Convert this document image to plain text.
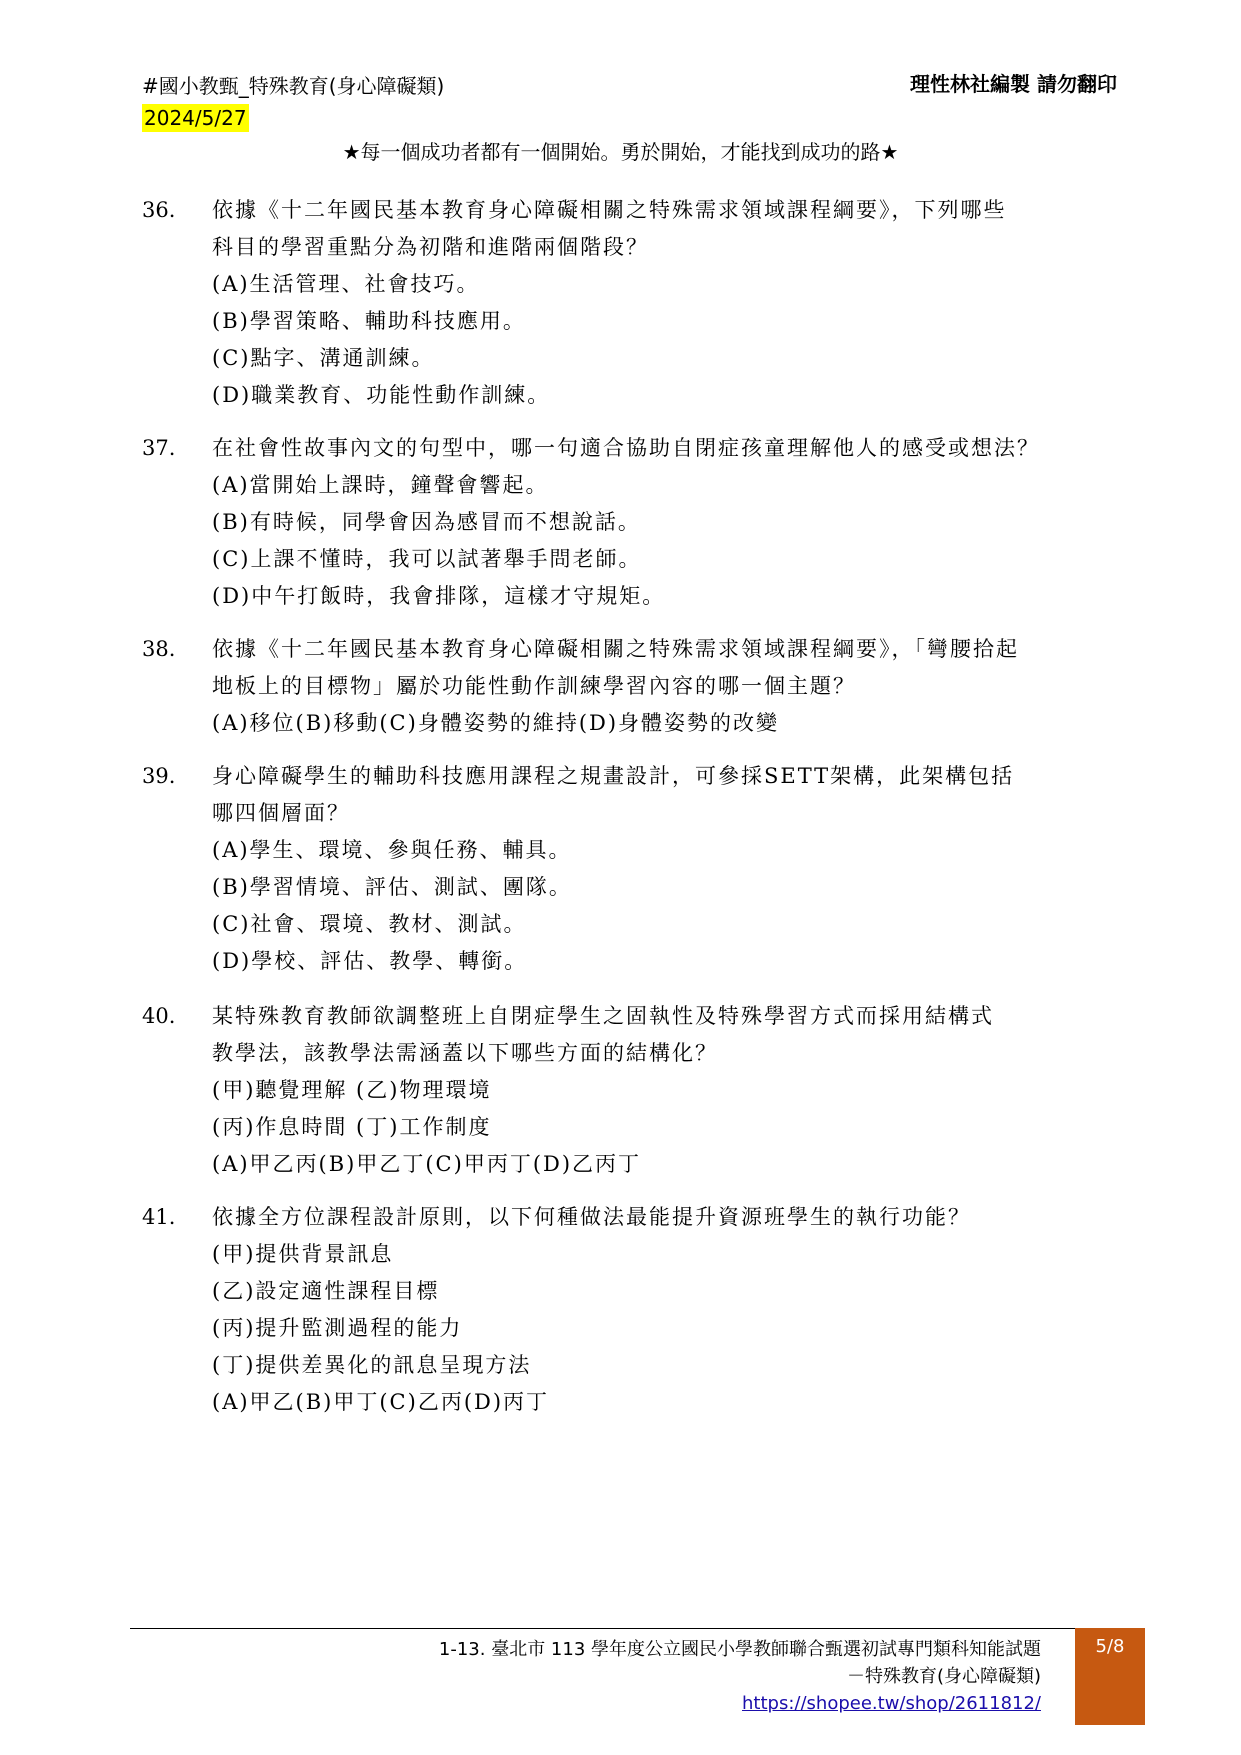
#國小教甄_特殊教育(身心障礙類)
2024/5/27
理性林社編製 請勿翻印
★每一個成功者都有一個開始。勇於開始，才能找到成功的路★
36. 依據《十二年國民基本教育身心障礙相關之特殊需求領域課程綱要》，下列哪些
科目的學習重點分為初階和進階兩個階段？
(A)生活管理、社會技巧。
(B)學習策略、輔助科技應用。
(C)點字、溝通訓練。
(D)職業教育、功能性動作訓練。
37. 在社會性故事內文的句型中，哪一句適合協助自閉症孩童理解他人的感受或想法？
(A)當開始上課時，鐘聲會響起。
(B)有時候，同學會因為感冒而不想說話。
(C)上課不懂時，我可以試著舉手問老師。
(D)中午打飯時，我會排隊，這樣才守規矩。
38. 依據《十二年國民基本教育身心障礙相關之特殊需求領域課程綱要》，「彎腰拾起
地板上的目標物」屬於功能性動作訓練學習內容的哪一個主題？
(A)移位(B)移動(C)身體姿勢的維持(D)身體姿勢的改變
39. 身心障礙學生的輔助科技應用課程之規畫設計，可參採SETT架構，此架構包括
哪四個層面？
(A)學生、環境、參與任務、輔具。
(B)學習情境、評估、測試、團隊。
(C)社會、環境、教材、測試。
(D)學校、評估、教學、轉銜。
40. 某特殊教育教師欲調整班上自閉症學生之固執性及特殊學習方式而採用結構式
教學法，該教學法需涵蓋以下哪些方面的結構化？
(甲)聽覺理解 (乙)物理環境
(丙)作息時間 (丁)工作制度
(A)甲乙丙(B)甲乙丁(C)甲丙丁(D)乙丙丁
41. 依據全方位課程設計原則，以下何種做法最能提升資源班學生的執行功能？
(甲)提供背景訊息
(乙)設定適性課程目標
(丙)提升監測過程的能力
(丁)提供差異化的訊息呈現方法
(A)甲乙(B)甲丁(C)乙丙(D)丙丁
1-13. 臺北市 113 學年度公立國民小學教師聯合甄選初試專門類科知能試題
－特殊教育(身心障礙類)
https://shopee.tw/shop/2611812/
5/8
